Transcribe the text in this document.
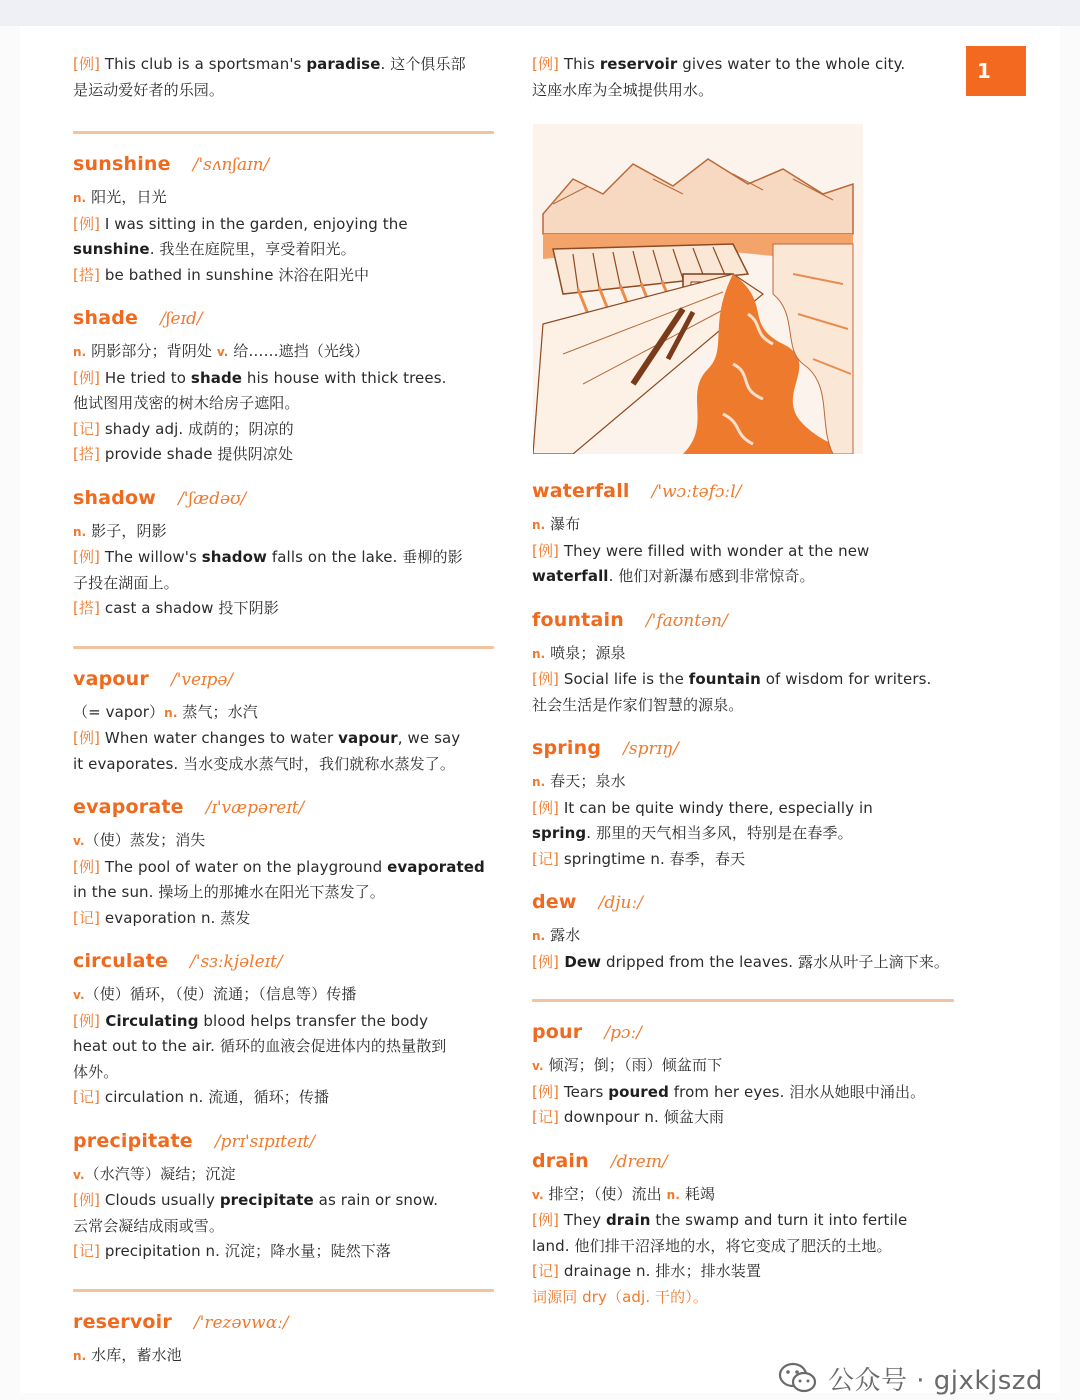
1
[例] This club is a sportsman's paradise. 这个俱乐部
是运动爱好者的乐园。
sunshine /'sʌnʃaɪn/
n. 阳光，日光
[例] I was sitting in the garden, enjoying the
sunshine. 我坐在庭院里，享受着阳光。
[搭] be bathed in sunshine 沐浴在阳光中
shade /ʃeɪd/
n. 阴影部分；背阴处 v. 给……遮挡（光线）
[例] He tried to shade his house with thick trees.
他试图用茂密的树木给房子遮阳。
[记] shady adj. 成荫的；阴凉的
[搭] provide shade 提供阴凉处
shadow /'ʃædəʊ/
n. 影子，阴影
[例] The willow's shadow falls on the lake. 垂柳的影
子投在湖面上。
[搭] cast a shadow 投下阴影
vapour /'veɪpə/
（= vapor）n. 蒸气；水汽
[例] When water changes to water vapour, we say
it evaporates. 当水变成水蒸气时，我们就称水蒸发了。
evaporate /ɪ'væpəreɪt/
v.（使）蒸发；消失
[例] The pool of water on the playground evaporated
in the sun. 操场上的那摊水在阳光下蒸发了。
[记] evaporation n. 蒸发
circulate /'sɜːkjəleɪt/
v.（使）循环，（使）流通；（信息等）传播
[例] Circulating blood helps transfer the body
heat out to the air. 循环的血液会促进体内的热量散到
体外。
[记] circulation n. 流通，循环；传播
precipitate /prɪ'sɪpɪteɪt/
v.（水汽等）凝结；沉淀
[例] Clouds usually precipitate as rain or snow.
云常会凝结成雨或雪。
[记] precipitation n. 沉淀；降水量；陡然下落
reservoir /'rezəvwɑː/
n. 水库，蓄水池
[例] This reservoir gives water to the whole city.
这座水库为全城提供用水。
waterfall /'wɔːtəfɔːl/
n. 瀑布
[例] They were filled with wonder at the new
waterfall. 他们对新瀑布感到非常惊奇。
fountain /'faʊntən/
n. 喷泉；源泉
[例] Social life is the fountain of wisdom for writers.
社会生活是作家们智慧的源泉。
spring /sprɪŋ/
n. 春天；泉水
[例] It can be quite windy there, especially in
spring. 那里的天气相当多风，特别是在春季。
[记] springtime n. 春季，春天
dew /djuː/
n. 露水
[例] Dew dripped from the leaves. 露水从叶子上滴下来。
pour /pɔː/
v. 倾泻；倒；（雨）倾盆而下
[例] Tears poured from her eyes. 泪水从她眼中涌出。
[记] downpour n. 倾盆大雨
drain /dreɪn/
v. 排空；（使）流出 n. 耗竭
[例] They drain the swamp and turn it into fertile
land. 他们排干沼泽地的水，将它变成了肥沃的土地。
[记] drainage n. 排水；排水装置
词源同 dry（adj. 干的）。
公众号 · gjxkjszd
